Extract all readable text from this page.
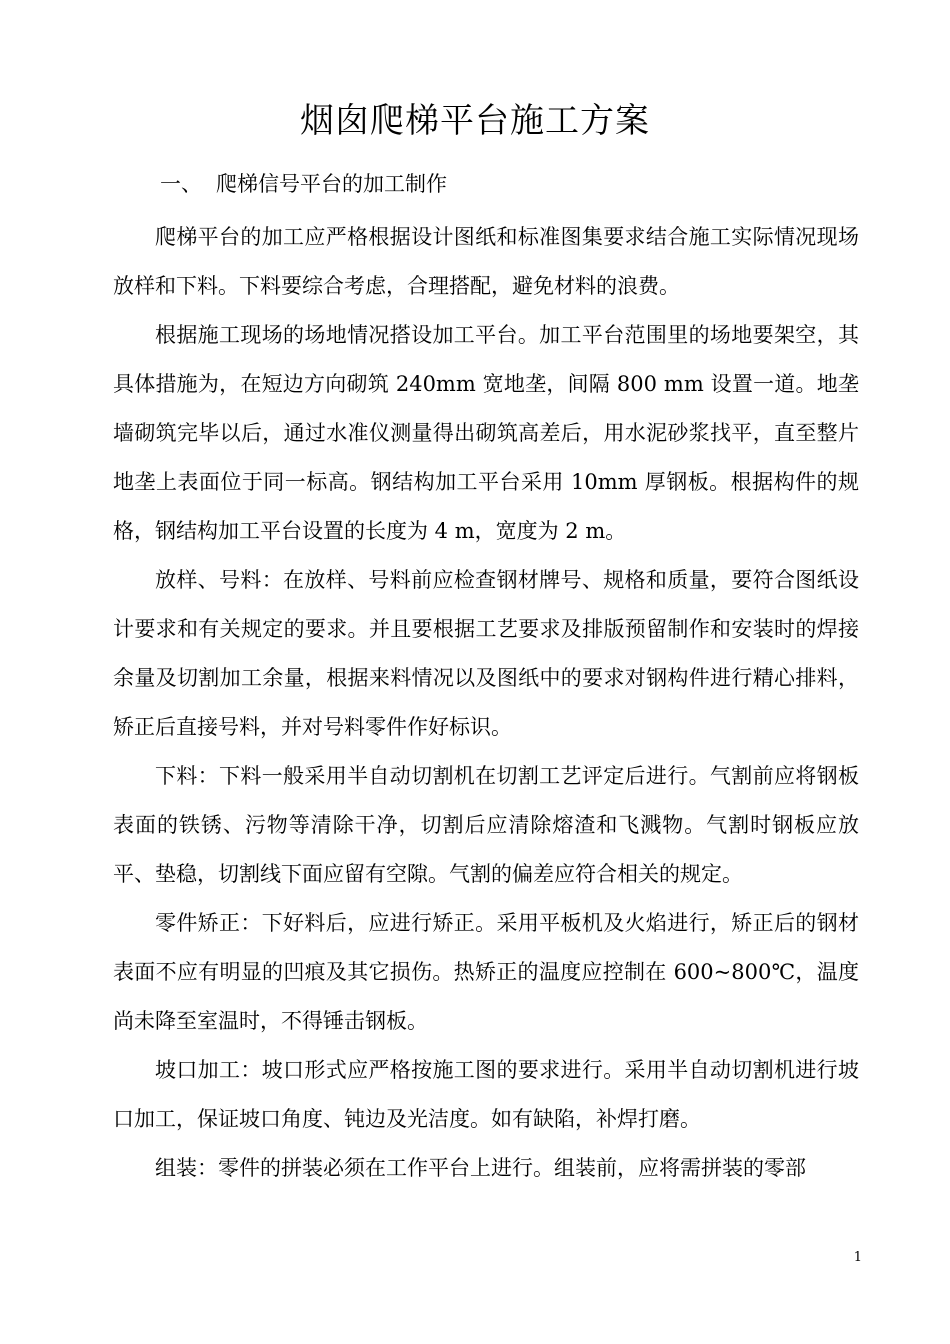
烟囱爬梯平台施工方案
一、 爬梯信号平台的加工制作

爬梯平台的加工应严格根据设计图纸和标准图集要求结合施工实际情况现场放样和下料。下料要综合考虑，合理搭配，避免材料的浪费。

根据施工现场的场地情况搭设加工平台。加工平台范围里的场地要架空，其具体措施为，在短边方向砌筑 240mm 宽地垄，间隔 800 mm 设置一道。地垄墙砌筑完毕以后，通过水准仪测量得出砌筑高差后，用水泥砂浆找平，直至整片地垄上表面位于同一标高。钢结构加工平台采用 10mm 厚钢板。根据构件的规格，钢结构加工平台设置的长度为 4 m，宽度为 2 m。

放样、号料：在放样、号料前应检查钢材牌号、规格和质量，要符合图纸设计要求和有关规定的要求。并且要根据工艺要求及排版预留制作和安装时的焊接余量及切割加工余量，根据来料情况以及图纸中的要求对钢构件进行精心排料，矫正后直接号料，并对号料零件作好标识。

下料：下料一般采用半自动切割机在切割工艺评定后进行。气割前应将钢板表面的铁锈、污物等清除干净，切割后应清除熔渣和飞溅物。气割时钢板应放平、垫稳，切割线下面应留有空隙。气割的偏差应符合相关的规定。

零件矫正：下好料后，应进行矫正。采用平板机及火焰进行，矫正后的钢材表面不应有明显的凹痕及其它损伤。热矫正的温度应控制在 600~800℃，温度尚未降至室温时，不得锤击钢板。

坡口加工：坡口形式应严格按施工图的要求进行。采用半自动切割机进行坡口加工，保证坡口角度、钝边及光洁度。如有缺陷，补焊打磨。

组装：零件的拼装必须在工作平台上进行。组装前，应将需拼装的零部

1
